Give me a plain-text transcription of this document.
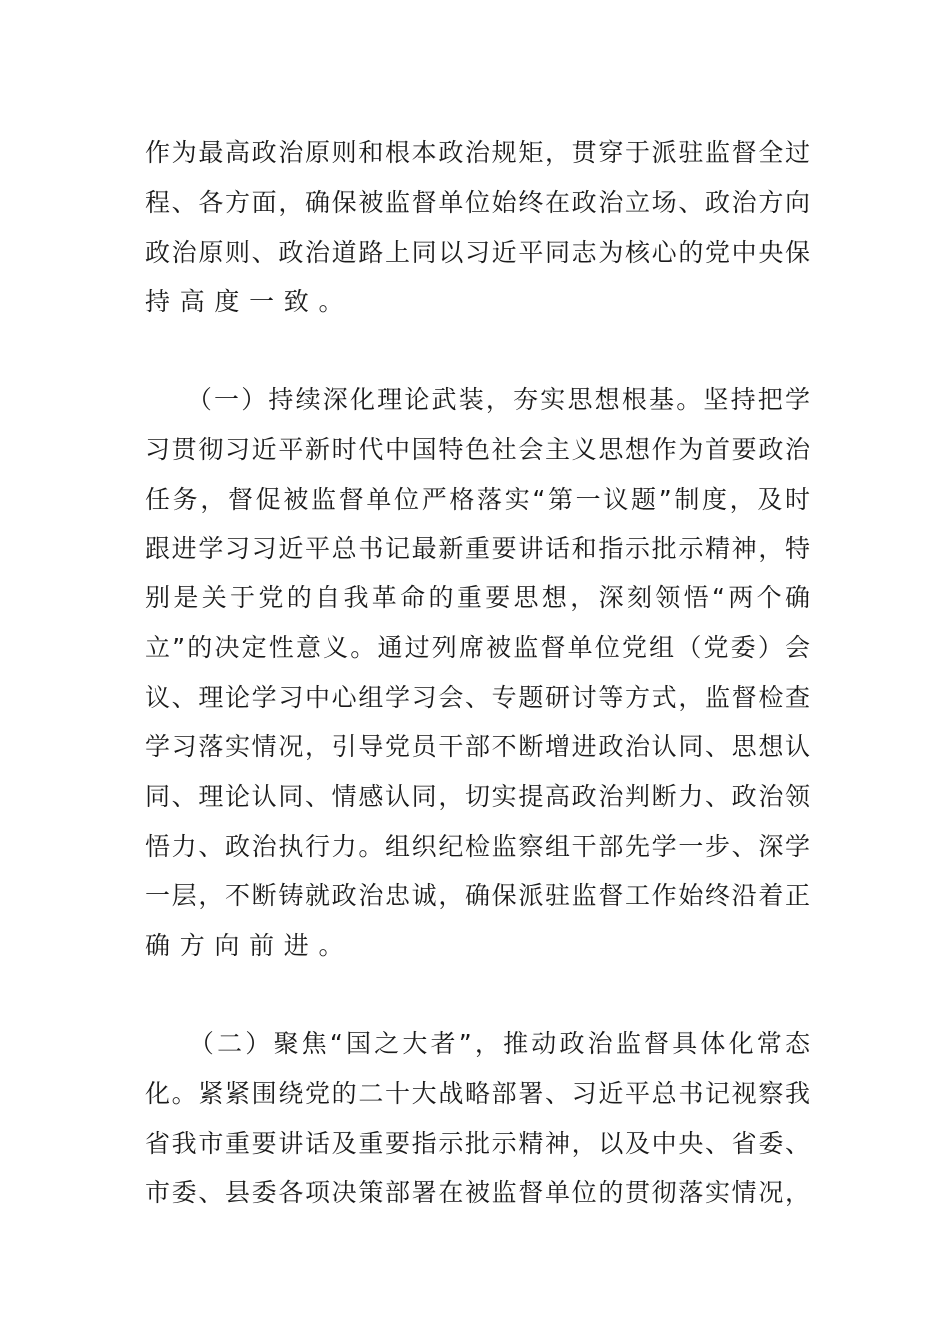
作为最高政治原则和根本政治规矩，贯穿于派驻监督全过
程、各方面，确保被监督单位始终在政治立场、政治方向
政治原则、政治道路上同以习近平同志为核心的党中央保
持高度一致。
　　（一）持续深化理论武装，夯实思想根基。坚持把学
习贯彻习近平新时代中国特色社会主义思想作为首要政治
任务，督促被监督单位严格落实“第一议题”制度，及时
跟进学习习近平总书记最新重要讲话和指示批示精神，特
别是关于党的自我革命的重要思想，深刻领悟“两个确
立”的决定性意义。通过列席被监督单位党组（党委）会
议、理论学习中心组学习会、专题研讨等方式，监督检查
学习落实情况，引导党员干部不断增进政治认同、思想认
同、理论认同、情感认同，切实提高政治判断力、政治领
悟力、政治执行力。组织纪检监察组干部先学一步、深学
一层，不断铸就政治忠诚，确保派驻监督工作始终沿着正
确方向前进。
　　（二）聚焦“国之大者”，推动政治监督具体化常态
化。紧紧围绕党的二十大战略部署、习近平总书记视察我
省我市重要讲话及重要指示批示精神，以及中央、省委、
市委、县委各项决策部署在被监督单位的贯彻落实情况，
